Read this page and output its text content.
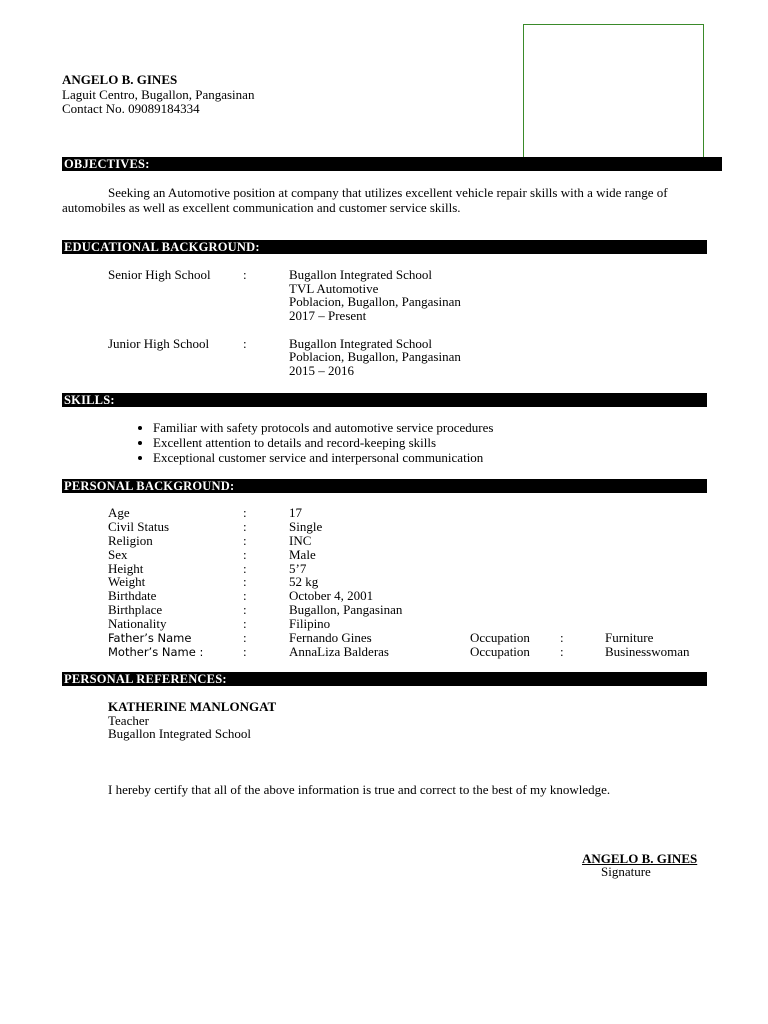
ANGELO B. GINES
Laguit Centro, Bugallon, Pangasinan
Contact No. 09089184334
OBJECTIVES:
Seeking an Automotive position at company that utilizes excellent vehicle repair skills with a wide range of
automobiles as well as excellent communication and customer service skills.
EDUCATIONAL BACKGROUND:
Senior High School :	Bugallon Integrated School
TVL Automotive
Poblacion, Bugallon, Pangasinan
2017 – Present
Junior High School	:	Bugallon Integrated School
Poblacion, Bugallon, Pangasinan
2015 – 2016
SKILLS:
• Familiar with safety protocols and automotive service procedures
• Excellent attention to details and record-keeping skills
• Exceptional customer service and interpersonal communication
PERSONAL BACKGROUND:
Age	:	17
Civil Status	:	Single
Religion	:	INC
Sex	:	Male
Height	:	5’7
Weight	:	52 kg
Birthdate	:	October 4, 2001
Birthplace	:	Bugallon, Pangasinan
Nationality	:	Filipino
Father’s Name	:	Fernando Gines	Occupation :	Furniture
Mother’s Name :	:	AnnaLiza Balderas	Occupation :	Businesswoman
PERSONAL REFERENCES:
KATHERINE MANLONGAT
Teacher
Bugallon Integrated School
I hereby certify that all of the above information is true and correct to the best of my knowledge.
ANGELO B. GINES
Signature
